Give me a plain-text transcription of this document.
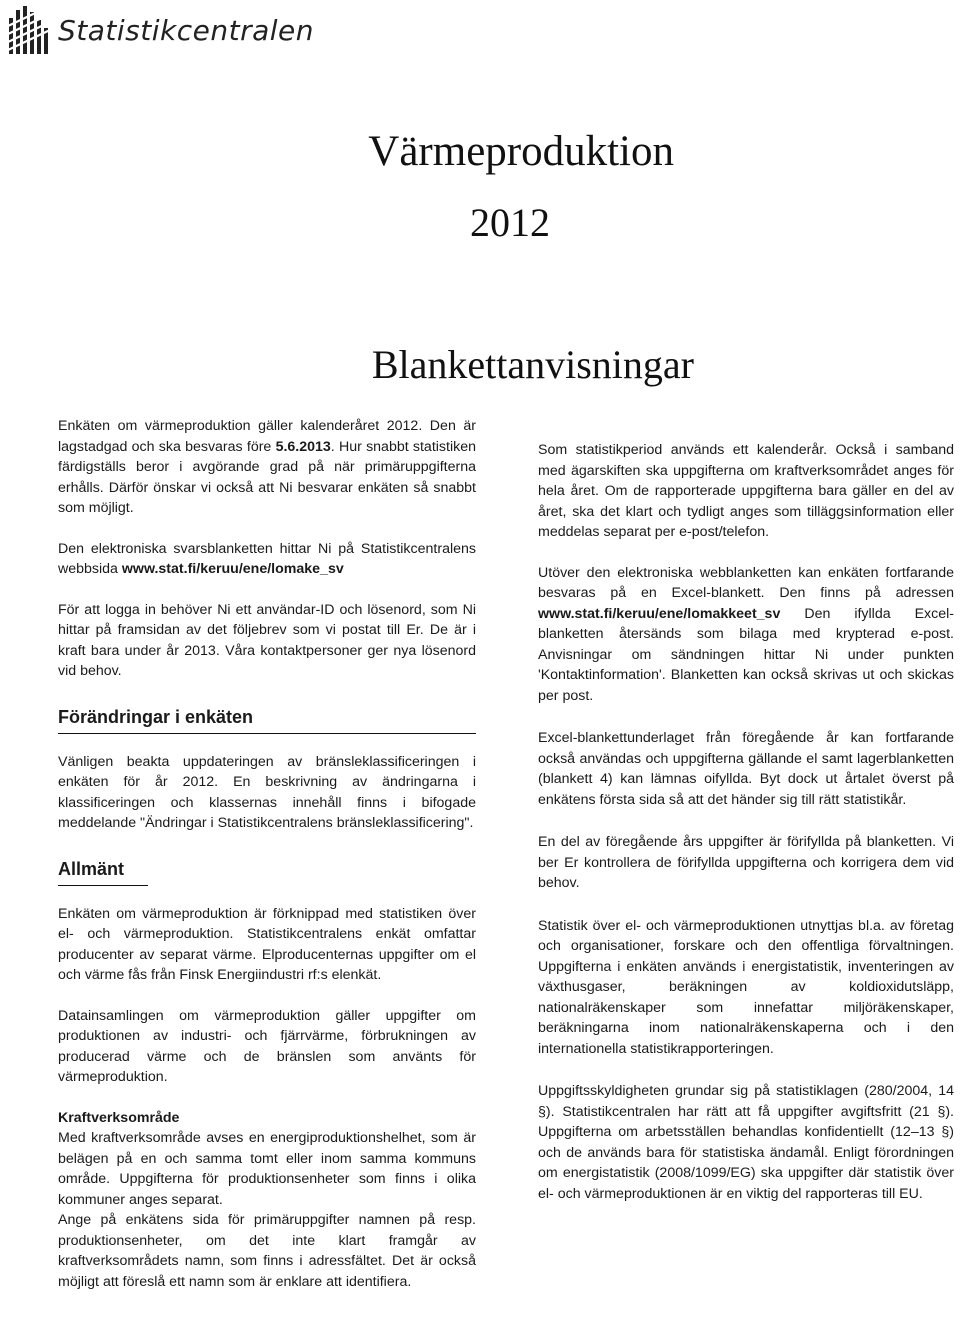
Statistikcentralen
Värmeproduktion
2012
Blankettanvisningar

Enkäten om värmeproduktion gäller kalenderåret 2012. Den är lagstadgad och ska besvaras före 5.6.2013. Hur snabbt statistiken färdigställs beror i avgörande grad på när primäruppgifterna erhålls. Därför önskar vi också att Ni besvarar enkäten så snabbt som möjligt.

Den elektroniska svarsblanketten hittar Ni på Statistikcentralens webbsida www.stat.fi/keruu/ene/lomake_sv

För att logga in behöver Ni ett användar-ID och lösenord, som Ni hittar på framsidan av det följebrev som vi postat till Er. De är i kraft bara under år 2013. Våra kontaktpersoner ger nya lösenord vid behov.

Förändringar i enkäten

Vänligen beakta uppdateringen av bränsleklassificeringen i enkäten för år 2012. En beskrivning av ändringarna i klassificeringen och klassernas innehåll finns i bifogade meddelande "Ändringar i Statistikcentralens bränsleklassificering".

Allmänt

Enkäten om värmeproduktion är förknippad med statistiken över el- och värmeproduktion. Statistikcentralens enkät omfattar producenter av separat värme. Elproducenternas uppgifter om el och värme fås från Finsk Energiindustri rf:s elenkät.

Datainsamlingen om värmeproduktion gäller uppgifter om produktionen av industri- och fjärrvärme, förbrukningen av producerad värme och de bränslen som använts för värmeproduktion.

Kraftverksområde

Med kraftverksområde avses en energiproduktionshelhet, som är belägen på en och samma tomt eller inom samma kommuns område. Uppgifterna för produktionsenheter som finns i olika kommuner anges separat.

Ange på enkätens sida för primäruppgifter namnen på resp. produktionsenheter, om det inte klart framgår av kraftverksområdets namn, som finns i adressfältet. Det är också möjligt att föreslå ett namn som är enklare att identifiera.

Som statistikperiod används ett kalenderår. Också i samband med ägarskiften ska uppgifterna om kraftverksområdet anges för hela året. Om de rapporterade uppgifterna bara gäller en del av året, ska det klart och tydligt anges som tilläggsinformation eller meddelas separat per e-post/telefon.

Utöver den elektroniska webblanketten kan enkäten fortfarande besvaras på en Excel-blankett. Den finns på adressen www.stat.fi/keruu/ene/lomakkeet_sv Den ifyllda Excel-blanketten återsänds som bilaga med krypterad e-post. Anvisningar om sändningen hittar Ni under punkten 'Kontaktinformation'. Blanketten kan också skrivas ut och skickas per post.

Excel-blankettunderlaget från föregående år kan fortfarande också användas och uppgifterna gällande el samt lagerblanketten (blankett 4) kan lämnas oifyllda. Byt dock ut årtalet överst på enkätens första sida så att det händer sig till rätt statistikår.

En del av föregående års uppgifter är förifyllda på blanketten. Vi ber Er kontrollera de förifyllda uppgifterna och korrigera dem vid behov.

Statistik över el- och värmeproduktionen utnyttjas bl.a. av företag och organisationer, forskare och den offentliga förvaltningen. Uppgifterna i enkäten används i energistatistik, inventeringen av växthusgaser, beräkningen av koldioxidutsläpp, nationalräkenskaper som innefattar miljöräkenskaper, beräkningarna inom nationalräkenskaperna och i den internationella statistikrapporteringen.

Uppgiftsskyldigheten grundar sig på statistiklagen (280/2004, 14 §). Statistikcentralen har rätt att få uppgifter avgiftsfritt (21 §). Uppgifterna om arbetsställen behandlas konfidentiellt (12–13 §) och de används bara för statistiska ändamål. Enligt förordningen om energistatistik (2008/1099/EG) ska uppgifter där statistik över el- och värmeproduktionen är en viktig del rapporteras till EU.
